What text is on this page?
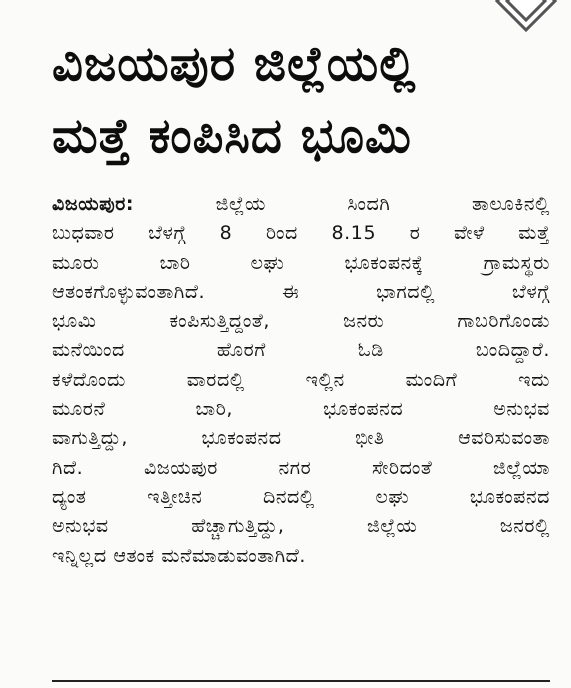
ವಿಜಯಪುರ ಜಿಲ್ಲೆಯಲ್ಲಿ
ಮತ್ತೆ ಕಂಪಿಸಿದ ಭೂಮಿ
ವಿಜಯಪುರ:	ಜಿಲ್ಲೆಯ ಸಿಂದಗಿ ತಾಲೂಕಿನಲ್ಲಿ
ಬುಧವಾರ ಬೆಳಗ್ಗೆ 8 ರಿಂದ 8.15 ರ ವೇಳೆ ಮತ್ತೆ
ಮೂರು ಬಾರಿ ಲಘು ಭೂಕಂಪನಕ್ಕೆ ಗ್ರಾಮಸ್ಥರು
ಆತಂಕಗೊಳ್ಳುವಂತಾಗಿದೆ. ಈ ಭಾಗದಲ್ಲಿ ಬೆಳಗ್ಗೆ
ಭೂಮಿ ಕಂಪಿಸುತ್ತಿದ್ದಂತೆ, ಜನರು ಗಾಬರಿಗೊಂಡು
ಮನೆಯಿಂದ ಹೊರಗೆ ಓಡಿ ಬಂದಿದ್ದಾರೆ.
ಕಳೆದೊಂದು ವಾರದಲ್ಲಿ ಇಲ್ಲಿನ ಮಂದಿಗೆ ಇದು
ಮೂರನೆ ಬಾರಿ, ಭೂಕಂಪನದ ಅನುಭವ
ವಾಗುತ್ತಿದ್ದು, ಭೂಕಂಪನದ ಭೀತಿ ಆವರಿಸುವಂತಾ
ಗಿದೆ. ವಿಜಯಪುರ ನಗರ ಸೇರಿದಂತೆ ಜಿಲ್ಲೆಯಾ
ದ್ಯಂತ ಇತ್ತೀಚಿನ ದಿನದಲ್ಲಿ ಲಘು ಭೂಕಂಪನದ
ಅನುಭವ ಹೆಚ್ಚಾಗುತ್ತಿದ್ದು, ಜಿಲ್ಲೆಯ ಜನರಲ್ಲಿ
ಇನ್ನಿಲ್ಲದ ಆತಂಕ ಮನೆಮಾಡುವಂತಾಗಿದೆ.
